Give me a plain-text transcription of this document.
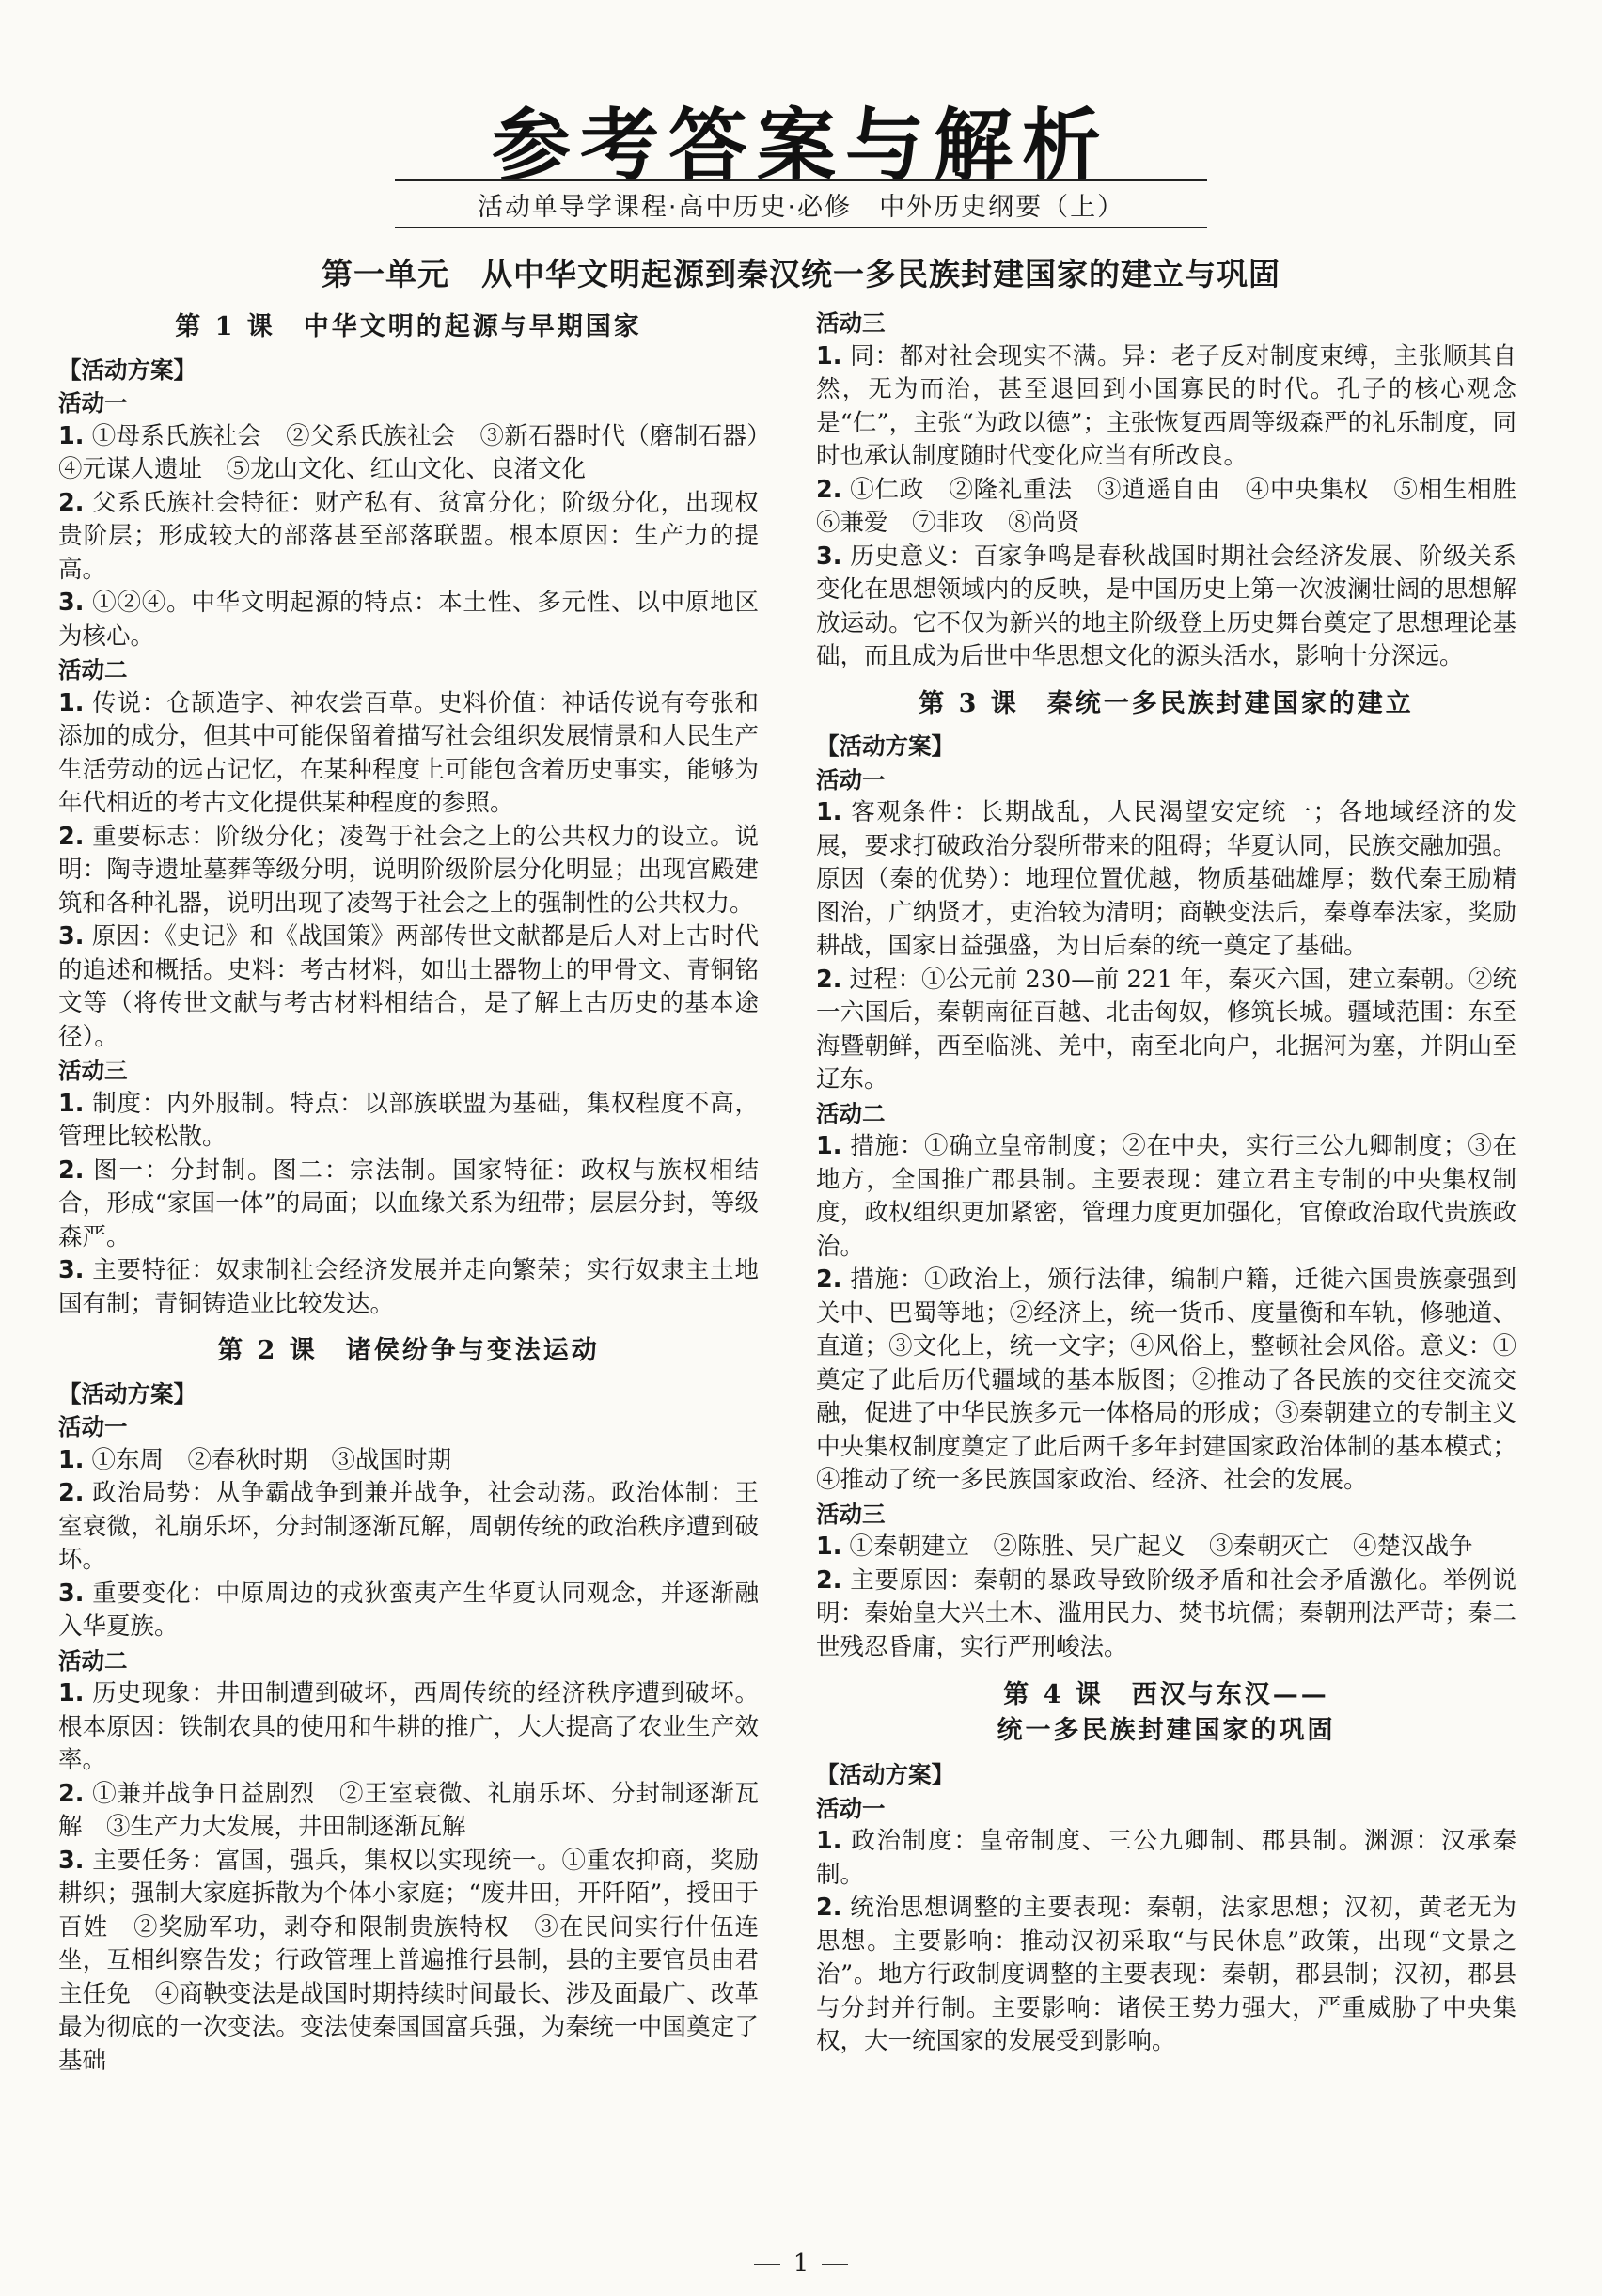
参考答案与解析
活动单导学课程·高中历史·必修　中外历史纲要（上）
第一单元　从中华文明起源到秦汉统一多民族封建国家的建立与巩固
第 1 课　中华文明的起源与早期国家
【活动方案】
活动一
1. ①母系氏族社会　②父系氏族社会　③新石器时代（磨制石器）　④元谋人遗址　⑤龙山文化、红山文化、良渚文化
2. 父系氏族社会特征：财产私有、贫富分化；阶级分化，出现权贵阶层；形成较大的部落甚至部落联盟。根本原因：生产力的提高。
3. ①②④。中华文明起源的特点：本土性、多元性、以中原地区为核心。
活动二
1. 传说：仓颉造字、神农尝百草。史料价值：神话传说有夸张和添加的成分，但其中可能保留着描写社会组织发展情景和人民生产生活劳动的远古记忆，在某种程度上可能包含着历史事实，能够为年代相近的考古文化提供某种程度的参照。
2. 重要标志：阶级分化；凌驾于社会之上的公共权力的设立。说明：陶寺遗址墓葬等级分明，说明阶级阶层分化明显；出现宫殿建筑和各种礼器，说明出现了凌驾于社会之上的强制性的公共权力。
3. 原因：《史记》和《战国策》两部传世文献都是后人对上古时代的追述和概括。史料：考古材料，如出土器物上的甲骨文、青铜铭文等（将传世文献与考古材料相结合，是了解上古历史的基本途径）。
活动三
1. 制度：内外服制。特点：以部族联盟为基础，集权程度不高，管理比较松散。
2. 图一：分封制。图二：宗法制。国家特征：政权与族权相结合，形成“家国一体”的局面；以血缘关系为纽带；层层分封，等级森严。
3. 主要特征：奴隶制社会经济发展并走向繁荣；实行奴隶主土地国有制；青铜铸造业比较发达。
第 2 课　诸侯纷争与变法运动
【活动方案】
活动一
1. ①东周　②春秋时期　③战国时期
2. 政治局势：从争霸战争到兼并战争，社会动荡。政治体制：王室衰微，礼崩乐坏，分封制逐渐瓦解，周朝传统的政治秩序遭到破坏。
3. 重要变化：中原周边的戎狄蛮夷产生华夏认同观念，并逐渐融入华夏族。
活动二
1. 历史现象：井田制遭到破坏，西周传统的经济秩序遭到破坏。根本原因：铁制农具的使用和牛耕的推广，大大提高了农业生产效率。
2. ①兼并战争日益剧烈　②王室衰微、礼崩乐坏、分封制逐渐瓦解　③生产力大发展，井田制逐渐瓦解
3. 主要任务：富国，强兵，集权以实现统一。①重农抑商，奖励耕织；强制大家庭拆散为个体小家庭；“废井田，开阡陌”，授田于百姓　②奖励军功，剥夺和限制贵族特权　③在民间实行什伍连坐，互相纠察告发；行政管理上普遍推行县制，县的主要官员由君主任免　④商鞅变法是战国时期持续时间最长、涉及面最广、改革最为彻底的一次变法。变法使秦国国富兵强，为秦统一中国奠定了基础
活动三
1. 同：都对社会现实不满。异：老子反对制度束缚，主张顺其自然，无为而治，甚至退回到小国寡民的时代。孔子的核心观念是“仁”，主张“为政以德”；主张恢复西周等级森严的礼乐制度，同时也承认制度随时代变化应当有所改良。
2. ①仁政　②隆礼重法　③逍遥自由　④中央集权　⑤相生相胜　⑥兼爱　⑦非攻　⑧尚贤
3. 历史意义：百家争鸣是春秋战国时期社会经济发展、阶级关系变化在思想领域内的反映，是中国历史上第一次波澜壮阔的思想解放运动。它不仅为新兴的地主阶级登上历史舞台奠定了思想理论基础，而且成为后世中华思想文化的源头活水，影响十分深远。
第 3 课　秦统一多民族封建国家的建立
【活动方案】
活动一
1. 客观条件：长期战乱，人民渴望安定统一；各地域经济的发展，要求打破政治分裂所带来的阻碍；华夏认同，民族交融加强。原因（秦的优势）：地理位置优越，物质基础雄厚；数代秦王励精图治，广纳贤才，吏治较为清明；商鞅变法后，秦尊奉法家，奖励耕战，国家日益强盛，为日后秦的统一奠定了基础。
2. 过程：①公元前 230—前 221 年，秦灭六国，建立秦朝。②统一六国后，秦朝南征百越、北击匈奴，修筑长城。疆域范围：东至海暨朝鲜，西至临洮、羌中，南至北向户，北据河为塞，并阴山至辽东。
活动二
1. 措施：①确立皇帝制度；②在中央，实行三公九卿制度；③在地方，全国推广郡县制。主要表现：建立君主专制的中央集权制度，政权组织更加紧密，管理力度更加强化，官僚政治取代贵族政治。
2. 措施：①政治上，颁行法律，编制户籍，迁徙六国贵族豪强到关中、巴蜀等地；②经济上，统一货币、度量衡和车轨，修驰道、直道；③文化上，统一文字；④风俗上，整顿社会风俗。意义：①奠定了此后历代疆域的基本版图；②推动了各民族的交往交流交融，促进了中华民族多元一体格局的形成；③秦朝建立的专制主义中央集权制度奠定了此后两千多年封建国家政治体制的基本模式；④推动了统一多民族国家政治、经济、社会的发展。
活动三
1. ①秦朝建立　②陈胜、吴广起义　③秦朝灭亡　④楚汉战争
2. 主要原因：秦朝的暴政导致阶级矛盾和社会矛盾激化。举例说明：秦始皇大兴土木、滥用民力、焚书坑儒；秦朝刑法严苛；秦二世残忍昏庸，实行严刑峻法。
第 4 课　西汉与东汉——
统一多民族封建国家的巩固
【活动方案】
活动一
1. 政治制度：皇帝制度、三公九卿制、郡县制。渊源：汉承秦制。
2. 统治思想调整的主要表现：秦朝，法家思想；汉初，黄老无为思想。主要影响：推动汉初采取“与民休息”政策，出现“文景之治”。地方行政制度调整的主要表现：秦朝，郡县制；汉初，郡县与分封并行制。主要影响：诸侯王势力强大，严重威胁了中央集权，大一统国家的发展受到影响。
1
